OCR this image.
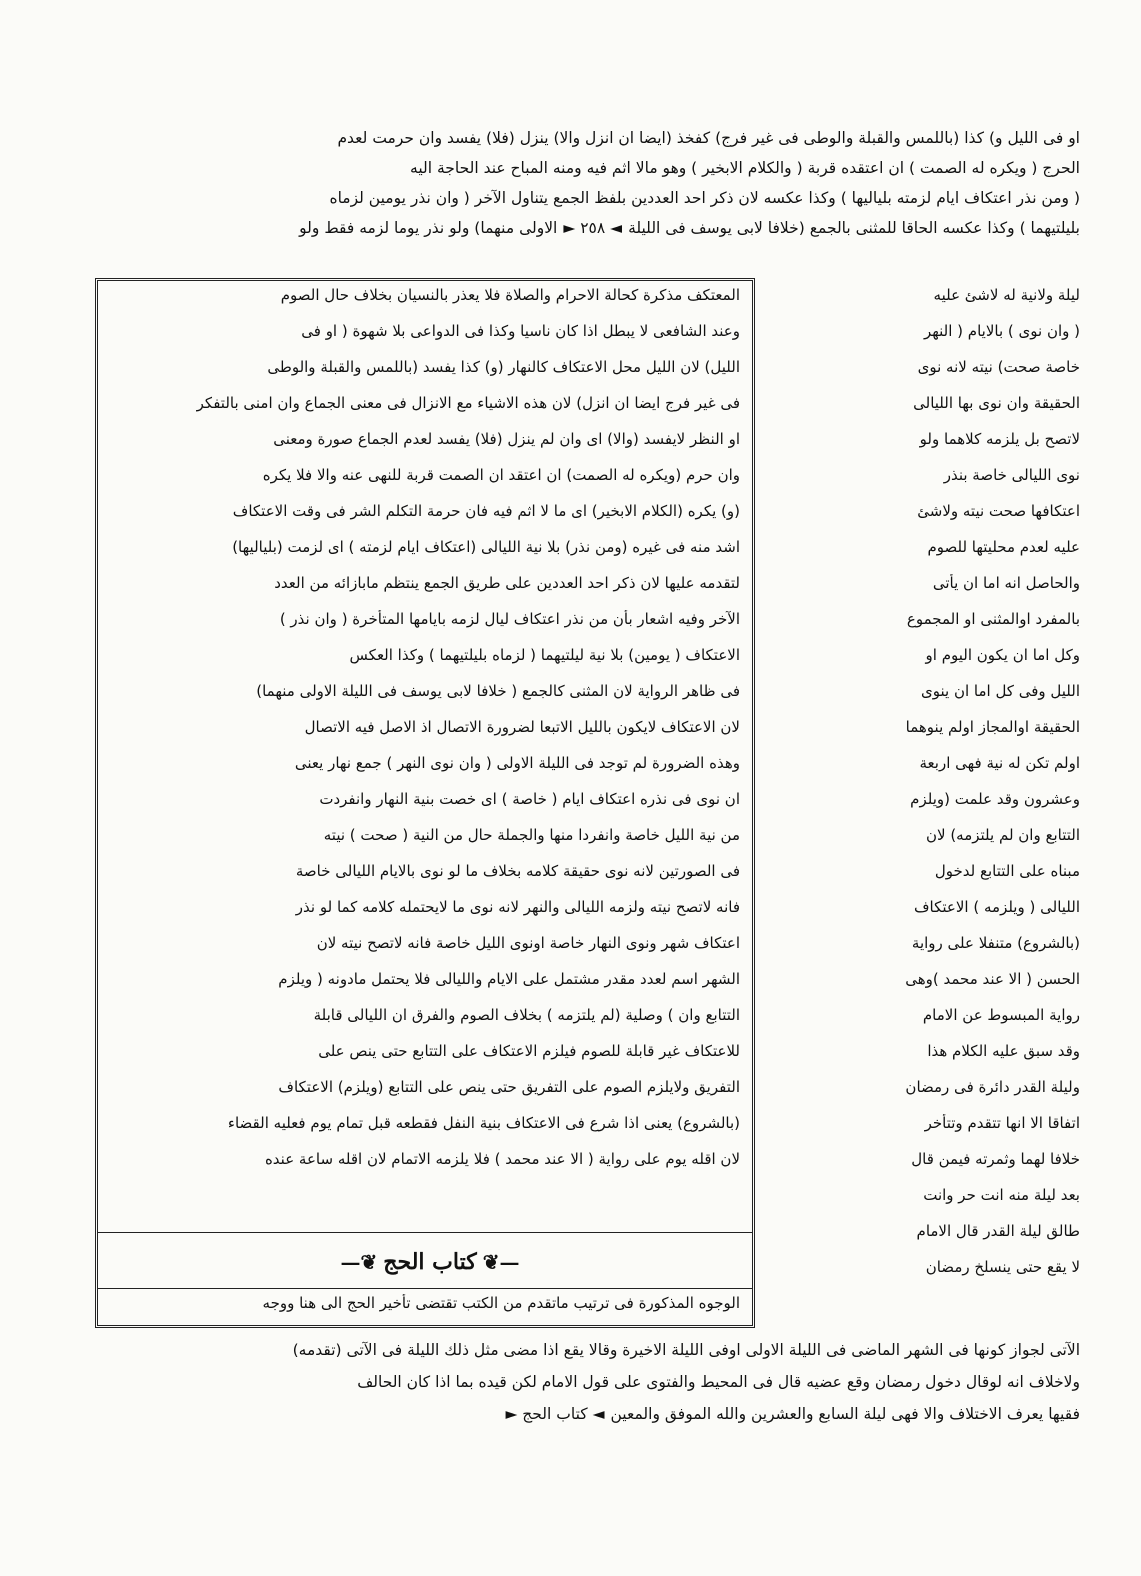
او فى الليل و) كذا (باللمس والقبلة والوطى فى غير فرج) كفخذ (ايضا ان انزل والا) ينزل (فلا) يفسد وان حرمت لعدم
الحرج ( ويكره له الصمت ) ان اعتقده قربة ( والكلام الابخير ) وهو مالا اثم فيه ومنه المباح عند الحاجة اليه
( ومن نذر اعتكاف ايام لزمته بلياليها ) وكذا عكسه لان ذكر احد العددين بلفظ الجمع يتناول الآخر ( وان نذر يومين لزماه
بليلتيهما ) وكذا عكسه الحاقا للمثنى بالجمع (خلافا لابى يوسف فى الليلة◄ ٢٥٨ ►الاولى منهما) ولو نذر يوما لزمه فقط ولو
المعتكف مذكرة كحالة الاحرام والصلاة فلا يعذر بالنسيان بخلاف حال الصوم
وعند الشافعى لا يبطل اذا كان ناسيا وكذا فى الدواعى بلا شهوة ( او فى
الليل) لان الليل محل الاعتكاف كالنهار (و) كذا يفسد (باللمس والقبلة والوطى
فى غير فرج ايضا ان انزل) لان هذه الاشياء مع الانزال فى معنى الجماع وان امنى بالتفكر
او النظر لايفسد (والا) اى وان لم ينزل (فلا) يفسد لعدم الجماع صورة ومعنى
وان حرم (ويكره له الصمت) ان اعتقد ان الصمت قربة للنهى عنه والا فلا يكره
(و) يكره (الكلام الابخير) اى ما لا اثم فيه فان حرمة التكلم الشر فى وقت الاعتكاف
اشد منه فى غيره (ومن نذر) بلا نية الليالى (اعتكاف ايام لزمته ) اى لزمت (بلياليها)
لتقدمه عليها لان ذكر احد العددين على طريق الجمع ينتظم مابازائه من العدد
الآخر وفيه اشعار بأن من نذر اعتكاف ليال لزمه بايامها المتأخرة ( وان نذر )
الاعتكاف ( يومين) بلا نية ليلتيهما ( لزماه بليلتيهما ) وكذا العكس
فى ظاهر الرواية لان المثنى كالجمع ( خلافا لابى يوسف فى الليلة الاولى منهما)
لان الاعتكاف لايكون بالليل الاتبعا لضرورة الاتصال اذ الاصل فيه الاتصال
وهذه الضرورة لم توجد فى الليلة الاولى ( وان نوى النهر ) جمع نهار يعنى
ان نوى فى نذره اعتكاف ايام ( خاصة ) اى خصت بنية النهار وانفردت
من نية الليل خاصة وانفردا منها والجملة حال من النية ( صحت ) نيته
فى الصورتين لانه نوى حقيقة كلامه بخلاف ما لو نوى بالايام الليالى خاصة
فانه لاتصح نيته ولزمه الليالى والنهر لانه نوى ما لايحتمله كلامه كما لو نذر
اعتكاف شهر ونوى النهار خاصة اونوى الليل خاصة فانه لاتصح نيته لان
الشهر اسم لعدد مقدر مشتمل على الايام والليالى فلا يحتمل مادونه ( ويلزم
التتابع وان ) وصلية (لم يلتزمه ) بخلاف الصوم والفرق ان الليالى قابلة
للاعتكاف غير قابلة للصوم فيلزم الاعتكاف على التتابع حتى ينص على
التفريق ولايلزم الصوم على التفريق حتى ينص على التتابع (ويلزم) الاعتكاف
(بالشروع) يعنى اذا شرع فى الاعتكاف بنية النفل فقطعه قبل تمام يوم فعليه القضاء
لان اقله يوم على رواية ( الا عند محمد ) فلا يلزمه الاتمام لان اقله ساعة عنده
—❦
كتاب الحج
❦—
الوجوه المذكورة فى ترتيب ماتقدم من الكتب تقتضى تأخير الحج الى هنا ووجه
ليلة ولانية له لاشئ عليه
( وان نوى ) بالايام ( النهر
خاصة صحت) نيته لانه نوى
الحقيقة وان نوى بها الليالى
لاتصح بل يلزمه كلاهما ولو
نوى الليالى خاصة بنذر
اعتكافها صحت نيته ولاشئ
عليه لعدم محليتها للصوم
والحاصل انه اما ان يأتى
بالمفرد اوالمثنى او المجموع
وكل اما ان يكون اليوم او
الليل وفى كل اما ان ينوى
الحقيقة اوالمجاز اولم ينوهما
اولم تكن له نية فهى اربعة
وعشرون وقد علمت (ويلزم
التتابع وان لم يلتزمه) لان
مبناه على التتابع لدخول
الليالى ( ويلزمه ) الاعتكاف
(بالشروع) متنفلا على رواية
الحسن ( الا عند محمد )وهى
رواية المبسوط عن الامام
وقد سبق عليه الكلام هذا
وليلة القدر دائرة فى رمضان
اتفاقا الا انها تتقدم وتتأخر
خلافا لهما وثمرته فيمن قال
بعد ليلة منه انت حر وانت
طالق ليلة القدر قال الامام
لا يقع حتى ينسلخ رمضان
الآتى لجواز كونها فى الشهر الماضى فى الليلة الاولى اوفى الليلة الاخيرة وقالا يقع اذا مضى مثل ذلك الليلة فى الآتى (تقدمه)
ولاخلاف انه لوقال دخول رمضان وقع عضيه قال فى المحيط والفتوى على قول الامام لكن قيده بما اذا كان الحالف
فقيها يعرف الاختلاف والا فهى ليلة السابع والعشرين والله الموفق والمعين◄ كتاب الحج ►
